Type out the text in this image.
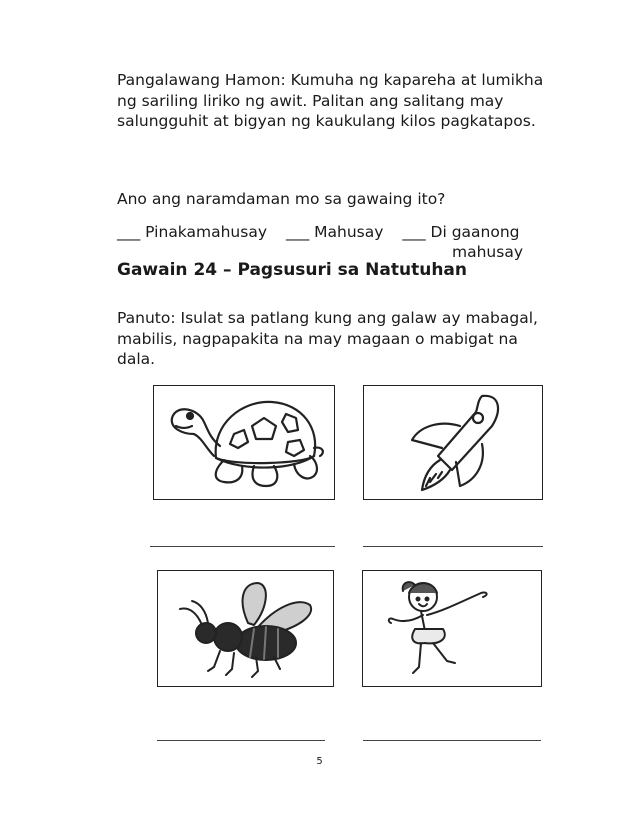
Pangalawang Hamon: Kumuha ng kapareha at lumikha ng sariling liriko ng awit. Palitan ang salitang may salungguhit at bigyan ng kaukulang kilos pagkatapos.

Ano ang naramdaman mo sa gawaing ito?

___ Pinakamahusay ___ Mahusay ___ Di gaanong
mahusay
Gawain 24 – Pagsusuri sa Natutuhan

Panuto: Isulat sa patlang kung ang galaw ay mabagal, mabilis, nagpapakita na may magaan o mabigat na dala.

5
